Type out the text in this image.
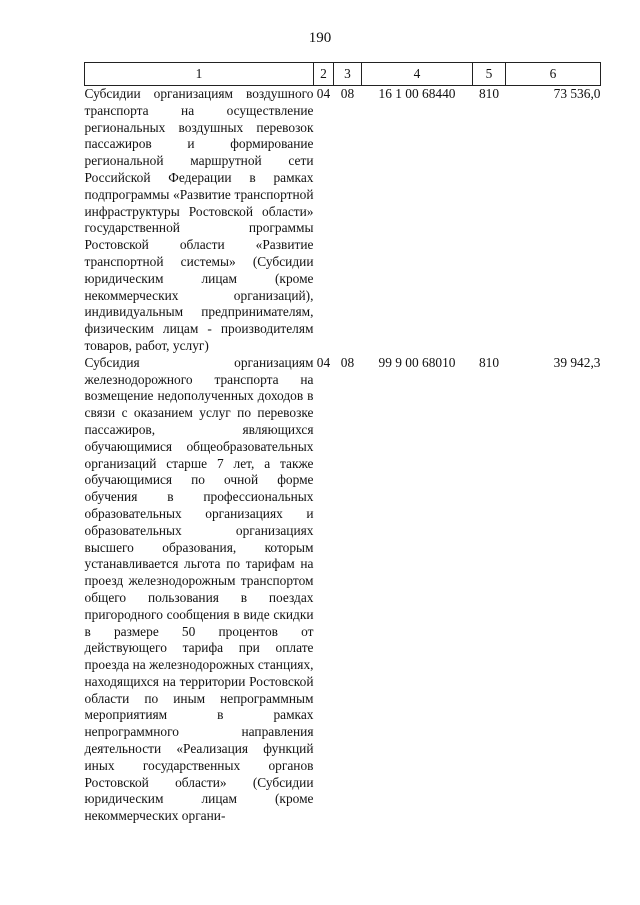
190
1	2	3	4	5	6
Субсидии организациям воздушного транспорта на осуществление региональных воздушных перевозок пассажиров и формирование региональной маршрутной сети Российской Федерации в рамках подпрограммы «Развитие транспортной инфраструктуры Ростовской области» государственной программы Ростовской области «Развитие транспортной системы» (Субсидии юридическим лицам (кроме некоммерческих организаций), индивидуальным предпринимателям, физическим лицам - производителям товаров, работ, услуг)	04	08	16 1 00 68440	810	73 536,0
Субсидия организациям железнодорожного транспорта на возмещение недополученных доходов в связи с оказанием услуг по перевозке пассажиров, являющихся обучающимися общеобразовательных организаций старше 7 лет, а также обучающимися по очной форме обучения в профессиональных образовательных организациях и образовательных организациях высшего образования, которым устанавливается льгота по тарифам на проезд железнодорожным транспортом общего пользования в поездах пригородного сообщения в виде скидки в размере 50 процентов от действующего тарифа при оплате проезда на железнодорожных станциях, находящихся на территории Ростовской области по иным непрограммным мероприятиям в рамках непрограммного направления деятельности «Реализация функций иных государственных органов Ростовской области» (Субсидии юридическим лицам (кроме некоммерческих органи-	04	08	99 9 00 68010	810	39 942,3
